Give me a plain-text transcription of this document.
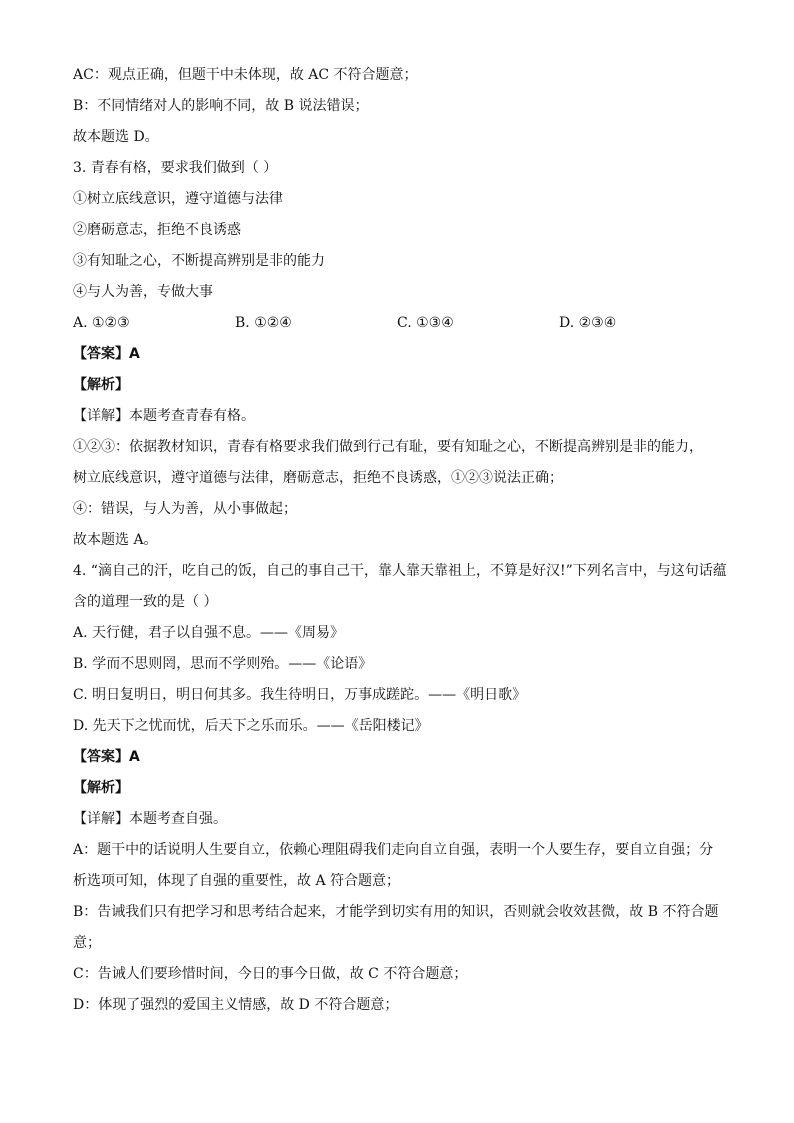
AC：观点正确，但题干中未体现，故 AC 不符合题意；
B：不同情绪对人的影响不同，故 B 说法错误；
故本题选 D。
3. 青春有格，要求我们做到（ ）
①树立底线意识，遵守道德与法律
②磨砺意志，拒绝不良诱惑
③有知耻之心，不断提高辨别是非的能力
④与人为善，专做大事
A. ①②③	B. ①②④	C. ①③④	D. ②③④
【答案】A
【解析】
【详解】本题考查青春有格。
①②③：依据教材知识，青春有格要求我们做到行己有耻，要有知耻之心，不断提高辨别是非的能力，
树立底线意识，遵守道德与法律，磨砺意志，拒绝不良诱惑，①②③说法正确；
④：错误，与人为善，从小事做起；
故本题选 A。
4. “滴自己的汗，吃自己的饭，自己的事自己干，靠人靠天靠祖上，不算是好汉!”下列名言中，与这句话蕴
含的道理一致的是（ ）
A. 天行健，君子以自强不息。——《周易》
B. 学而不思则罔，思而不学则殆。——《论语》
C. 明日复明日，明日何其多。我生待明日，万事成蹉跎。——《明日歌》
D. 先天下之忧而忧，后天下之乐而乐。——《岳阳楼记》
【答案】A
【解析】
【详解】本题考查自强。
A：题干中的话说明人生要自立，依赖心理阻碍我们走向自立自强，表明一个人要生存，要自立自强；分
析选项可知，体现了自强的重要性，故 A 符合题意；
B：告诫我们只有把学习和思考结合起来，才能学到切实有用的知识，否则就会收效甚微，故 B 不符合题
意；
C：告诫人们要珍惜时间，今日的事今日做，故 C 不符合题意；
D：体现了强烈的爱国主义情感，故 D 不符合题意；
